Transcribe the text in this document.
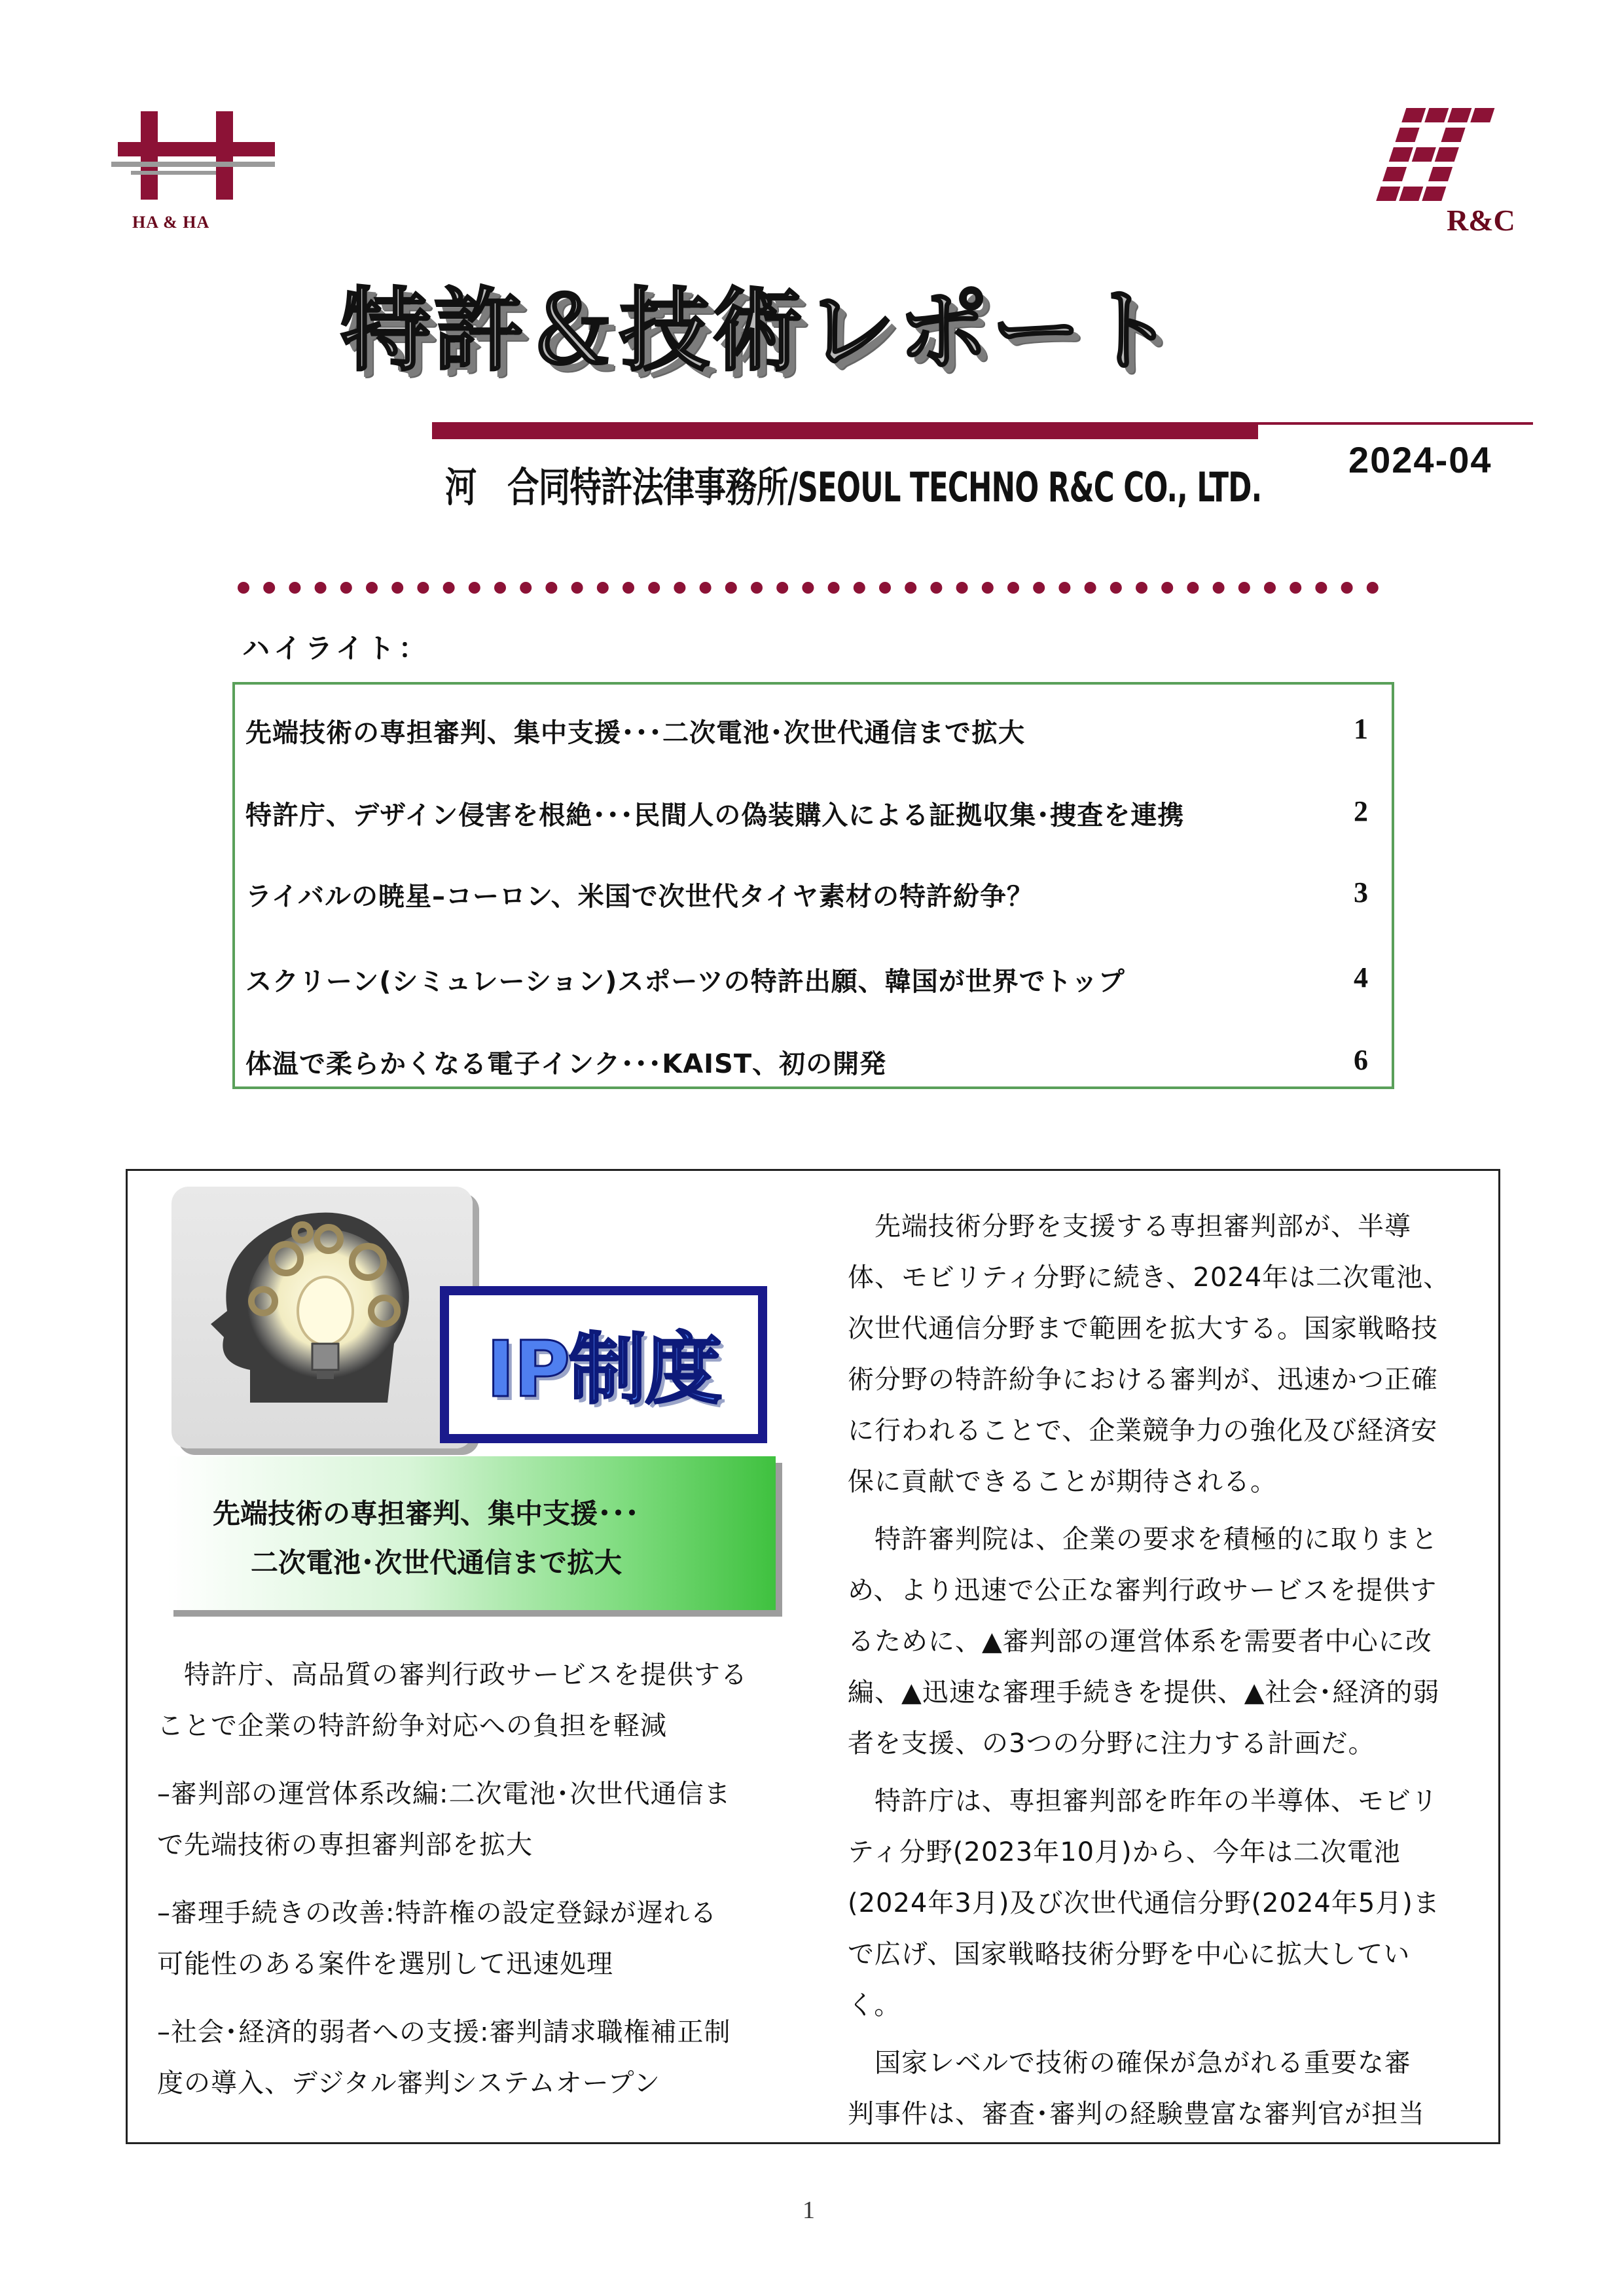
HA & HA	R&C
特許＆技術レポート
河　合同特許法律事務所/SEOUL TECHNO R&C CO., LTD.
2024-04
ハイライト：
先端技術の専担審判、集中支援･･･二次電池･次世代通信まで拡大	1
特許庁、デザイン侵害を根絶･･･民間人の偽装購入による証拠収集･捜査を連携	2
ライバルの暁星–コーロン、米国で次世代タイヤ素材の特許紛争？	3
スクリーン(シミュレーション)スポーツの特許出願、韓国が世界でトップ	4
体温で柔らかくなる電子インク･･･KAIST、初の開発	6
IP制度
先端技術の専担審判、集中支援･･･
二次電池･次世代通信まで拡大
　特許庁、高品質の審判行政サービスを提供する
ことで企業の特許紛争対応への負担を軽減
–審判部の運営体系改編:二次電池･次世代通信ま
で先端技術の専担審判部を拡大
–審理手続きの改善:特許権の設定登録が遅れる
可能性のある案件を選別して迅速処理
–社会･経済的弱者への支援:審判請求職権補正制
度の導入、デジタル審判システムオープン
　先端技術分野を支援する専担審判部が、半導
体、モビリティ分野に続き、2024年は二次電池、
次世代通信分野まで範囲を拡大する。国家戦略技
術分野の特許紛争における審判が、迅速かつ正確
に行われることで、企業競争力の強化及び経済安
保に貢献できることが期待される。
　特許審判院は、企業の要求を積極的に取りまと
め、より迅速で公正な審判行政サービスを提供す
るために、▲審判部の運営体系を需要者中心に改
編、▲迅速な審理手続きを提供、▲社会･経済的弱
者を支援、の3つの分野に注力する計画だ。
　特許庁は、専担審判部を昨年の半導体、モビリ
ティ分野(2023年10月)から、今年は二次電池
(2024年3月)及び次世代通信分野(2024年5月)ま
で広げ、国家戦略技術分野を中心に拡大してい
く。
　国家レベルで技術の確保が急がれる重要な審
判事件は、審査･審判の経験豊富な審判官が担当
1
